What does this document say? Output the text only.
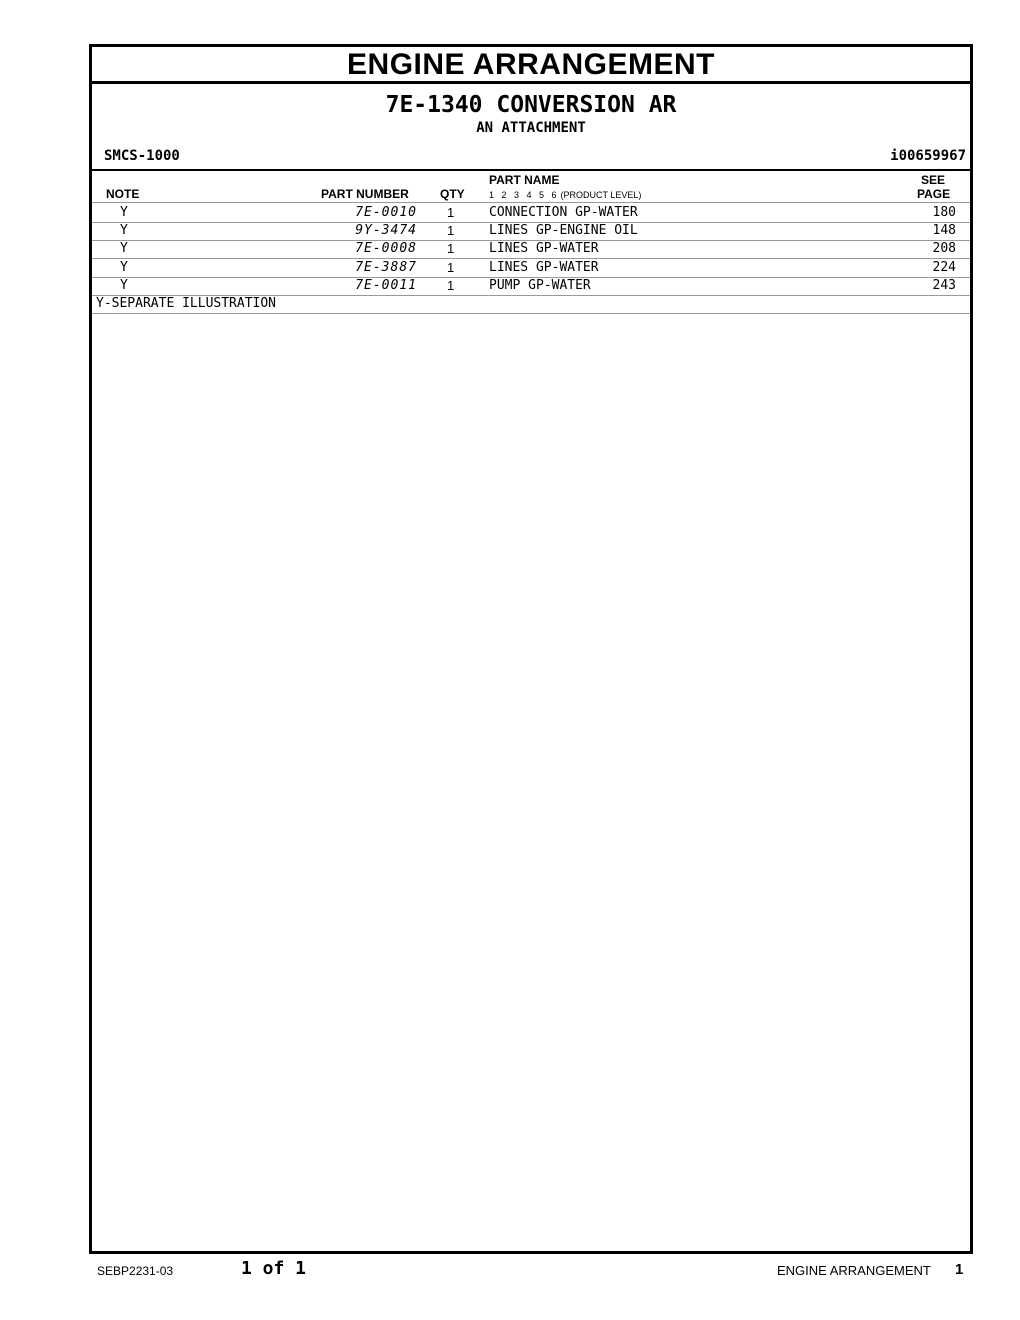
ENGINE ARRANGEMENT
7E-1340 CONVERSION AR
AN ATTACHMENT
SMCS-1000	i00659967
NOTE	PART NUMBER	QTY
PART NAME
1 2 3 4 5 6 (PRODUCT LEVEL)
SEE
PAGE
Y	7E-0010 1	CONNECTION GP-WATER	180
Y	9Y-3474 1	LINES GP-ENGINE OIL	148
Y	7E-0008 1	LINES GP-WATER	208
Y	7E-3887 1	LINES GP-WATER	224
Y	7E-0011 1	PUMP GP-WATER	243
Y-SEPARATE ILLUSTRATION
SEBP2231-03	1 of 1	ENGINE ARRANGEMENT 1
